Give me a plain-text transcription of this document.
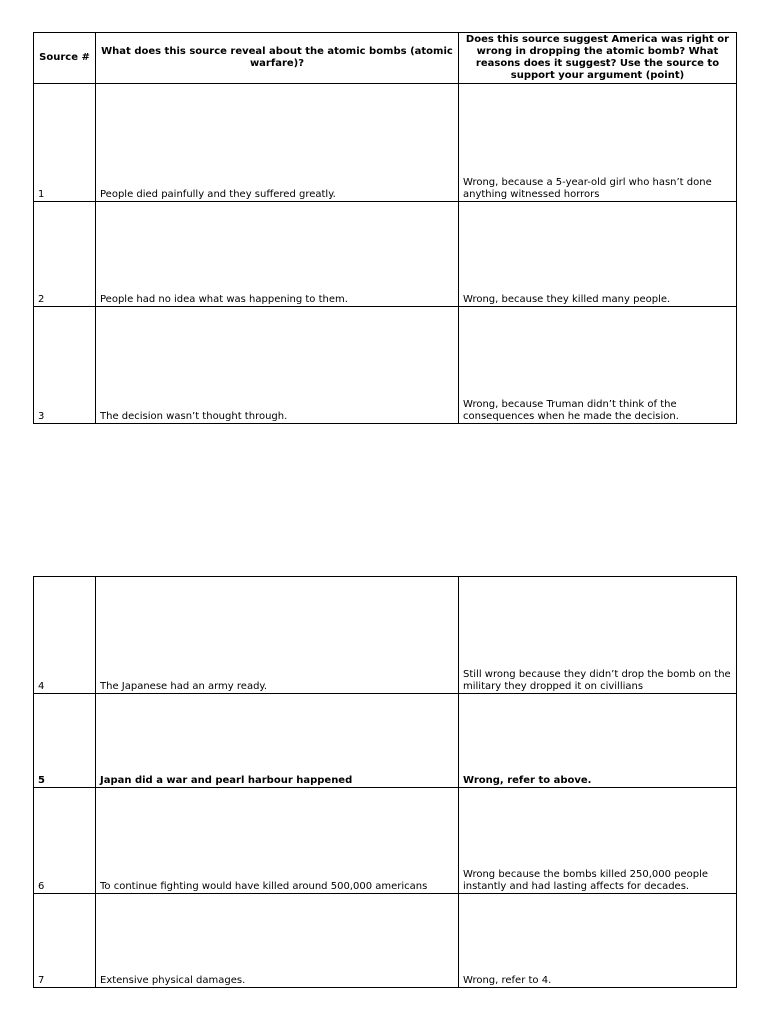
Source #	What does this source reveal about the atomic bombs (atomic warfare)?	Does this source suggest America was right or wrong in dropping the atomic bomb? What reasons does it suggest? Use the source to support your argument (point)
1	People died painfully and they suffered greatly.	Wrong, because a 5-year-old girl who hasn’t done anything witnessed horrors
2	People had no idea what was happening to them.	Wrong, because they killed many people.
3	The decision wasn’t thought through.	Wrong, because Truman didn’t think of the consequences when he made the decision.
4	The Japanese had an army ready.	Still wrong because they didn’t drop the bomb on the military they dropped it on civillians
5	Japan did a war and pearl harbour happened	Wrong, refer to above.
6	To continue fighting would have killed around 500,000 americans	Wrong because the bombs killed 250,000 people instantly and had lasting affects for decades.
7	Extensive physical damages.	Wrong, refer to 4.
